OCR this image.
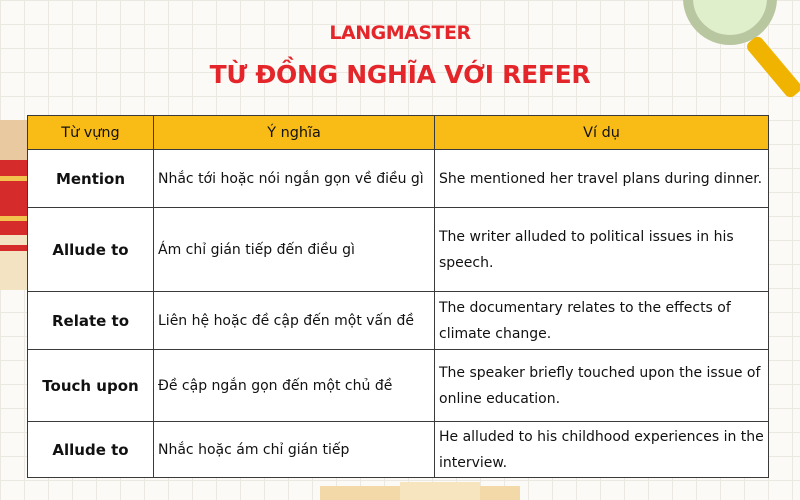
LANGMASTER
TỪ ĐỒNG NGHĨA VỚI REFER
Từ vựng	Ý nghĩa	Ví dụ
Mention	Nhắc tới hoặc nói ngắn gọn về điều gì	She mentioned her travel plans during dinner.
Allude to	Ám chỉ gián tiếp đến điều gì	The writer alluded to political issues in his speech.
Relate to	Liên hệ hoặc đề cập đến một vấn đề	The documentary relates to the effects of climate change.
Touch upon	Đề cập ngắn gọn đến một chủ đề	The speaker briefly touched upon the issue of online education.
Allude to	Nhắc hoặc ám chỉ gián tiếp	He alluded to his childhood experiences in the interview.
